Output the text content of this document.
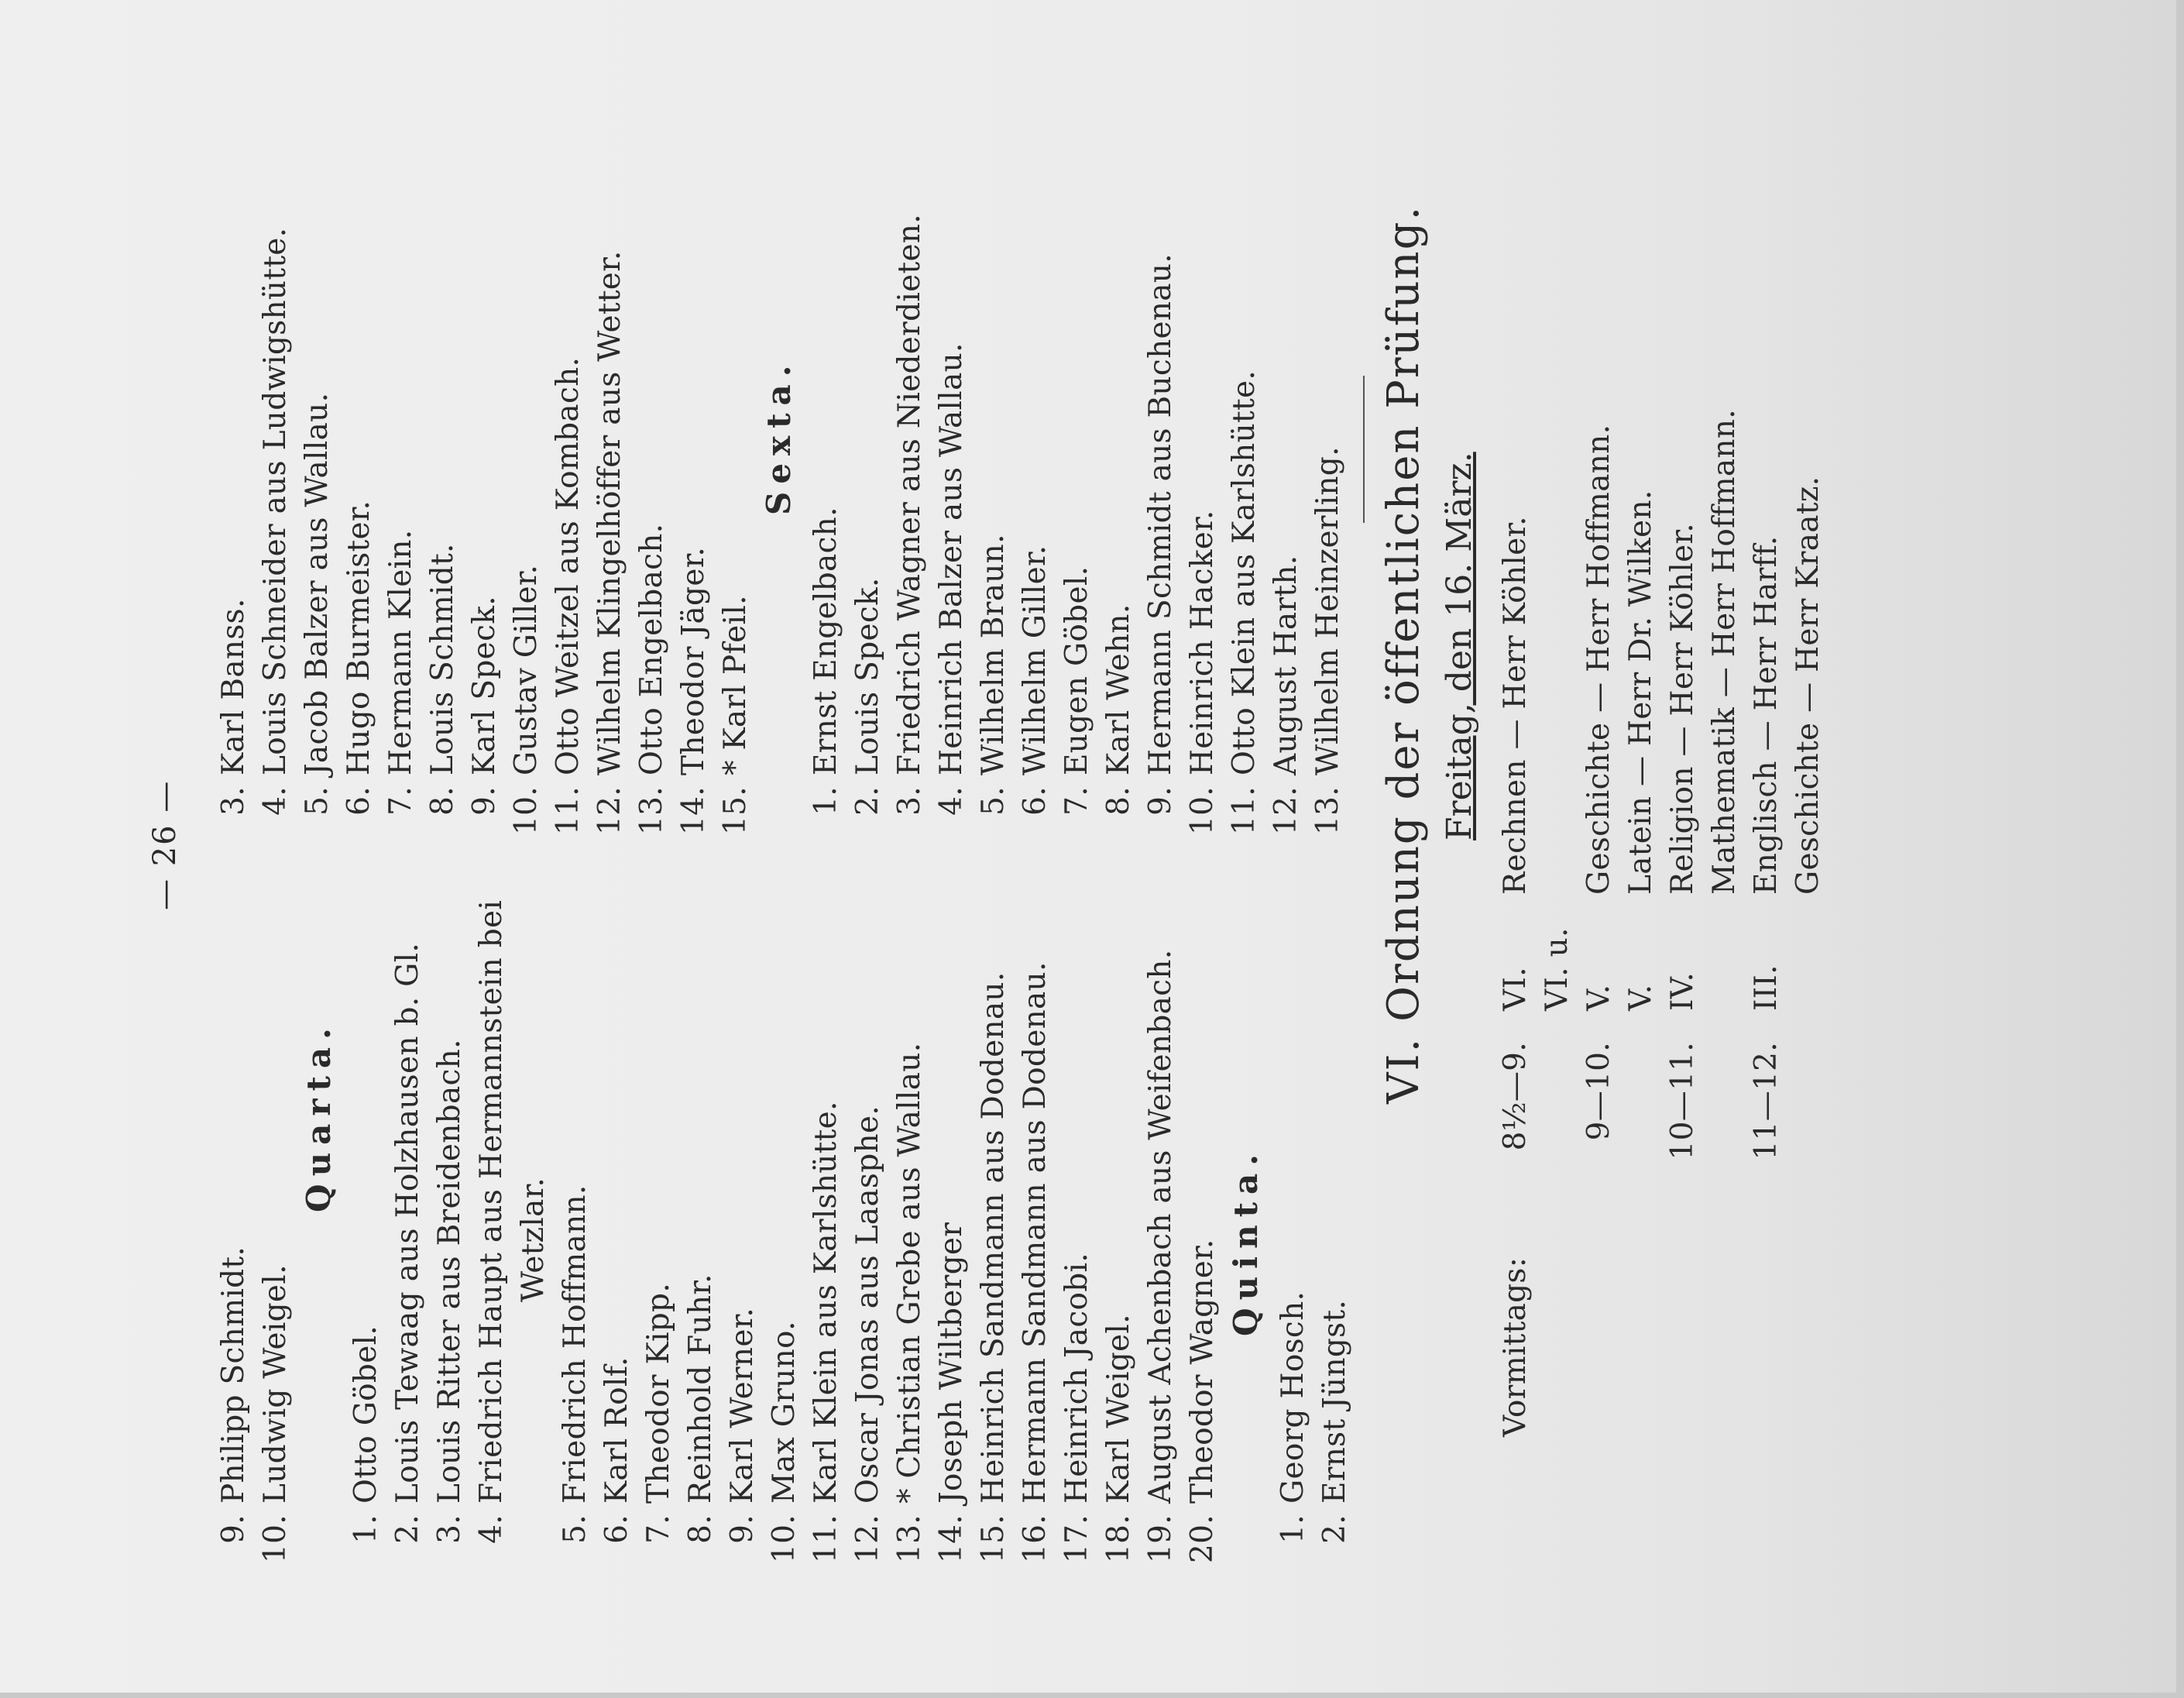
— 26 —
9.Philipp Schmidt.
10.Ludwig Weigel.
Quarta.
1.Otto Göbel.
2.Louis Tewaag aus Holzhausen b. Gl.
3.Louis Ritter aus Breidenbach.
4.Friedrich Haupt aus Hermannstein bei Wetzlar.
5.Friedrich Hoffmann.
6.Karl Rolf.
7.Theodor Kipp.
8.Reinhold Fuhr.
9.Karl Werner.
10.Max Gruno.
11.Karl Klein aus Karlshütte.
12.Oscar Jonas aus Laasphe.
13.* Christian Grebe aus Wallau.
14.Joseph Wiltberger
15.Heinrich Sandmann aus Dodenau.
16.Hermann Sandmann aus Dodenau.
17.Heinrich Jacobi.
18.Karl Weigel.
19.August Achenbach aus Weifenbach.
20.Theodor Wagner. Quinta.
1.Georg Hosch.
2.Ernst Jüngst.
VI. Ordnung der öffentlichen Prüfung. Freitag, den 16. März.
Vormittags:
8½—9.VI.Rechnen — Herr Köhler.
9—10.VI. u. V.Geschichte — Herr Hoffmann.
V.Latein — Herr Dr. Wilken.
10—11.IV.Religion — Herr Köhler. Mathematik — Herr Hoffmann.
11—12.III.Englisch — Herr Harff. Geschichte — Herr Kraatz.
3.Karl Banss.
4.Louis Schneider aus Ludwigshütte.
5.Jacob Balzer aus Wallau.
6.Hugo Burmeister.
7.Hermann Klein.
8.Louis Schmidt.
9.Karl Speck.
10.Gustav Giller.
11.Otto Weitzel aus Kombach.
12.Wilhelm Klingelhöffer aus Wetter.
13.Otto Engelbach.
14.Theodor Jäger.
15.* Karl Pfeil.
Sexta.
1.Ernst Engelbach.
2.Louis Speck.
3.Friedrich Wagner aus Niederdieten.
4.Heinrich Balzer aus Wallau.
5.Wilhelm Braun.
6.Wilhelm Giller.
7.Eugen Göbel.
8.Karl Wehn.
9.Hermann Schmidt aus Buchenau.
10.Heinrich Hacker.
11.Otto Klein aus Karlshütte.
12.August Harth.
13.Wilhelm Heinzerling.
